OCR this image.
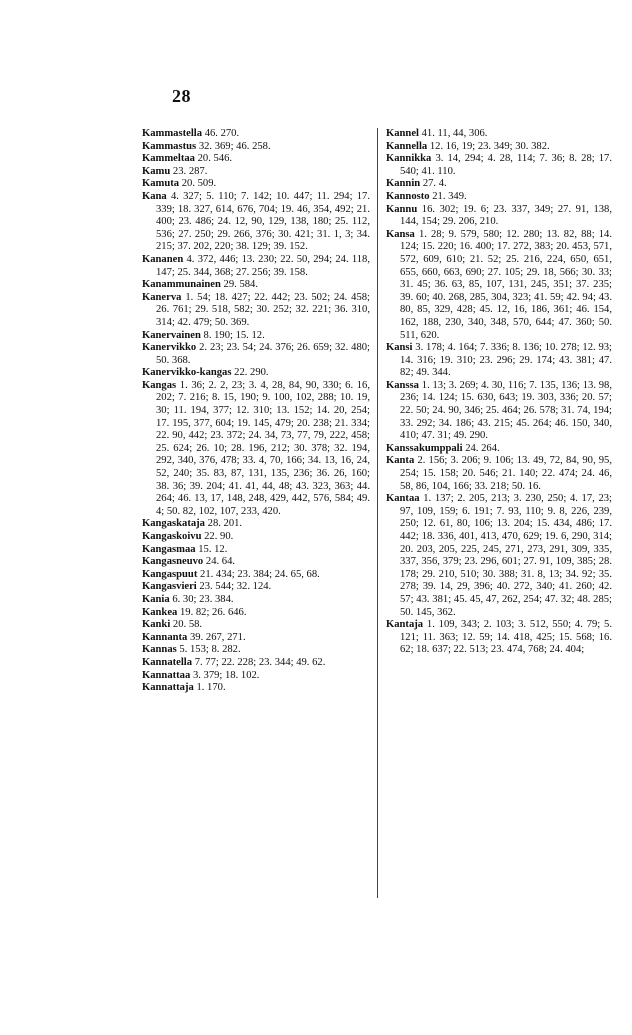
28

Kammastella 46. 270.

Kammastus 32. 369; 46. 258.

Kammeltaa 20. 546.

Kamu 23. 287.

Kamuta 20. 509.

Kana 4. 327; 5. 110; 7. 142; 10. 447; 11. 294; 17. 339; 18. 327, 614, 676, 704; 19. 46, 354, 492; 21. 400; 23. 486; 24. 12, 90, 129, 138, 180; 25. 112, 536; 27. 250; 29. 266, 376; 30. 421; 31. 1, 3; 34. 215; 37. 202, 220; 38. 129; 39. 152.

Kananen 4. 372, 446; 13. 230; 22. 50, 294; 24. 118, 147; 25. 344, 368; 27. 256; 39. 158.

Kanammunainen 29. 584.

Kanerva 1. 54; 18. 427; 22. 442; 23. 502; 24. 458; 26. 761; 29. 518, 582; 30. 252; 32. 221; 36. 310, 314; 42. 479; 50. 369.

Kanervainen 8. 190; 15. 12.

Kanervikko 2. 23; 23. 54; 24. 376; 26. 659; 32. 480; 50. 368.

Kanervikko-kangas 22. 290.

Kangas 1. 36; 2. 2, 23; 3. 4, 28, 84, 90, 330; 6. 16, 202; 7. 216; 8. 15, 190; 9. 100, 102, 288; 10. 19, 30; 11. 194, 377; 12. 310; 13. 152; 14. 20, 254; 17. 195, 377, 604; 19. 145, 479; 20. 238; 21. 334; 22. 90, 442; 23. 372; 24. 34, 73, 77, 79, 222, 458; 25. 624; 26. 10; 28. 196, 212; 30. 378; 32. 194, 292, 340, 376, 478; 33. 4, 70, 166; 34. 13, 16, 24, 52, 240; 35. 83, 87, 131, 135, 236; 36. 26, 160; 38. 36; 39. 204; 41. 41, 44, 48; 43. 323, 363; 44. 264; 46. 13, 17, 148, 248, 429, 442, 576, 584; 49. 4; 50. 82, 102, 107, 233, 420.

Kangaskataja 28. 201.

Kangaskoivu 22. 90.

Kangasmaa 15. 12.

Kangasneuvo 24. 64.

Kangaspuut 21. 434; 23. 384; 24. 65, 68.

Kangasvieri 23. 544; 32. 124.

Kania 6. 30; 23. 384.

Kankea 19. 82; 26. 646.

Kanki 20. 58.

Kannanta 39. 267, 271.

Kannas 5. 153; 8. 282.

Kannatella 7. 77; 22. 228; 23. 344; 49. 62.

Kannattaa 3. 379; 18. 102.

Kannattaja 1. 170.

Kannel 41. 11, 44, 306.

Kannella 12. 16, 19; 23. 349; 30. 382.

Kannikka 3. 14, 294; 4. 28, 114; 7. 36; 8. 28; 17. 540; 41. 110.

Kannin 27. 4.

Kannosto 21. 349.

Kannu 16. 302; 19. 6; 23. 337, 349; 27. 91, 138, 144, 154; 29. 206, 210.

Kansa 1. 28; 9. 579, 580; 12. 280; 13. 82, 88; 14. 124; 15. 220; 16. 400; 17. 272, 383; 20. 453, 571, 572, 609, 610; 21. 52; 25. 216, 224, 650, 651, 655, 660, 663, 690; 27. 105; 29. 18, 566; 30. 33; 31. 45; 36. 63, 85, 107, 131, 245, 351; 37. 235; 39. 60; 40. 268, 285, 304, 323; 41. 59; 42. 94; 43. 80, 85, 329, 428; 45. 12, 16, 186, 361; 46. 154, 162, 188, 230, 340, 348, 570, 644; 47. 360; 50. 511, 620.

Kansi 3. 178; 4. 164; 7. 336; 8. 136; 10. 278; 12. 93; 14. 316; 19. 310; 23. 296; 29. 174; 43. 381; 47. 82; 49. 344.

Kanssa 1. 13; 3. 269; 4. 30, 116; 7. 135, 136; 13. 98, 236; 14. 124; 15. 630, 643; 19. 303, 336; 20. 57; 22. 50; 24. 90, 346; 25. 464; 26. 578; 31. 74, 194; 33. 292; 34. 186; 43. 215; 45. 264; 46. 150, 340, 410; 47. 31; 49. 290.

Kanssakumppali 24. 264.

Kanta 2. 156; 3. 206; 9. 106; 13. 49, 72, 84, 90, 95, 254; 15. 158; 20. 546; 21. 140; 22. 474; 24. 46, 58, 86, 104, 166; 33. 218; 50. 16.

Kantaa 1. 137; 2. 205, 213; 3. 230, 250; 4. 17, 23; 97, 109, 159; 6. 191; 7. 93, 110; 9. 8, 226, 239, 250; 12. 61, 80, 106; 13. 204; 15. 434, 486; 17. 442; 18. 336, 401, 413, 470, 629; 19. 6, 290, 314; 20. 203, 205, 225, 245, 271, 273, 291, 309, 335, 337, 356, 379; 23. 296, 601; 27. 91, 109, 385; 28. 178; 29. 210, 510; 30. 388; 31. 8, 13; 34. 92; 35. 278; 39. 14, 29, 396; 40. 272, 340; 41. 260; 42. 57; 43. 381; 45. 45, 47, 262, 254; 47. 32; 48. 285; 50. 145, 362.

Kantaja 1. 109, 343; 2. 103; 3. 512, 550; 4. 79; 5. 121; 11. 363; 12. 59; 14. 418, 425; 15. 568; 16. 62; 18. 637; 22. 513; 23. 474, 768; 24. 404;
